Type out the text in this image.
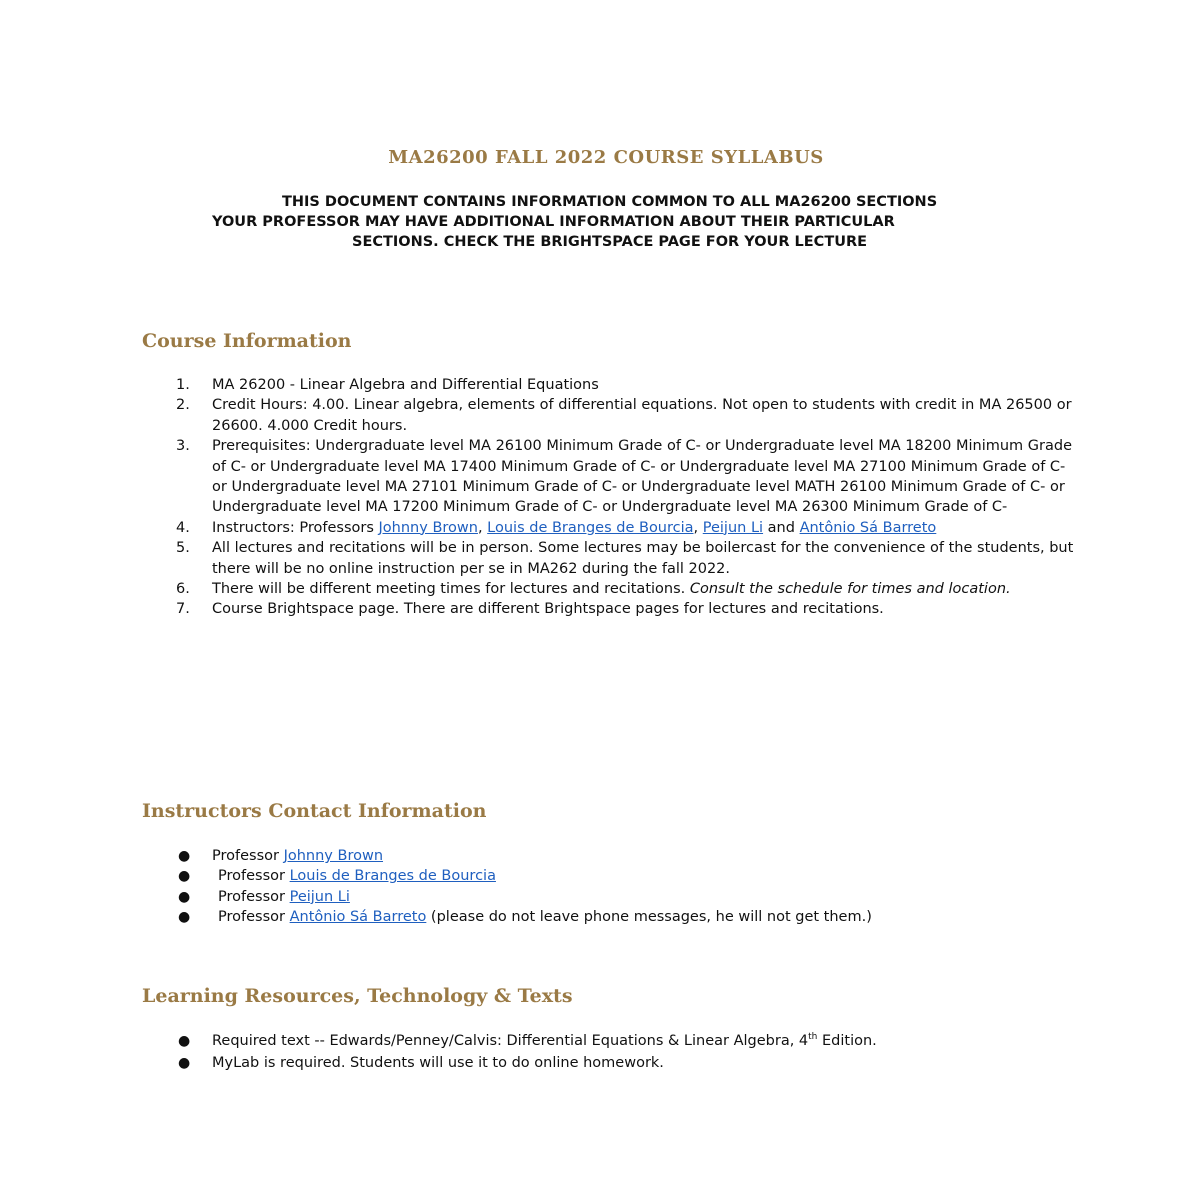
MA26200 FALL 2022 COURSE SYLLABUS
THIS DOCUMENT CONTAINS INFORMATION COMMON TO ALL MA26200 SECTIONS
YOUR PROFESSOR MAY HAVE ADDITIONAL INFORMATION ABOUT THEIR PARTICULAR
SECTIONS. CHECK THE BRIGHTSPACE PAGE FOR YOUR LECTURE
Course Information
1. MA 26200 - Linear Algebra and Differential Equations
2. Credit Hours: 4.00. Linear algebra, elements of differential equations. Not open to students with credit in MA 26500 or 26600. 4.000 Credit hours.
3. Prerequisites: Undergraduate level MA 26100 Minimum Grade of C- or Undergraduate level MA 18200 Minimum Grade of C- or Undergraduate level MA 17400 Minimum Grade of C- or Undergraduate level MA 27100 Minimum Grade of C- or Undergraduate level MA 27101 Minimum Grade of C- or Undergraduate level MATH 26100 Minimum Grade of C- or Undergraduate level MA 17200 Minimum Grade of C- or Undergraduate level MA 26300 Minimum Grade of C-
4. Instructors: Professors Johnny Brown, Louis de Branges de Bourcia, Peijun Li and Antônio Sá Barreto
5. All lectures and recitations will be in person. Some lectures may be boilercast for the convenience of the students, but there will be no online instruction per se in MA262 during the fall 2022.
6. There will be different meeting times for lectures and recitations. Consult the schedule for times and location.
7. Course Brightspace page. There are different Brightspace pages for lectures and recitations.
Instructors Contact Information
● Professor Johnny Brown
● Professor Louis de Branges de Bourcia
● Professor Peijun Li
● Professor Antônio Sá Barreto (please do not leave phone messages, he will not get them.)
Learning Resources, Technology & Texts
● Required text -- Edwards/Penney/Calvis: Differential Equations & Linear Algebra, 4th Edition.
● MyLab is required. Students will use it to do online homework.
